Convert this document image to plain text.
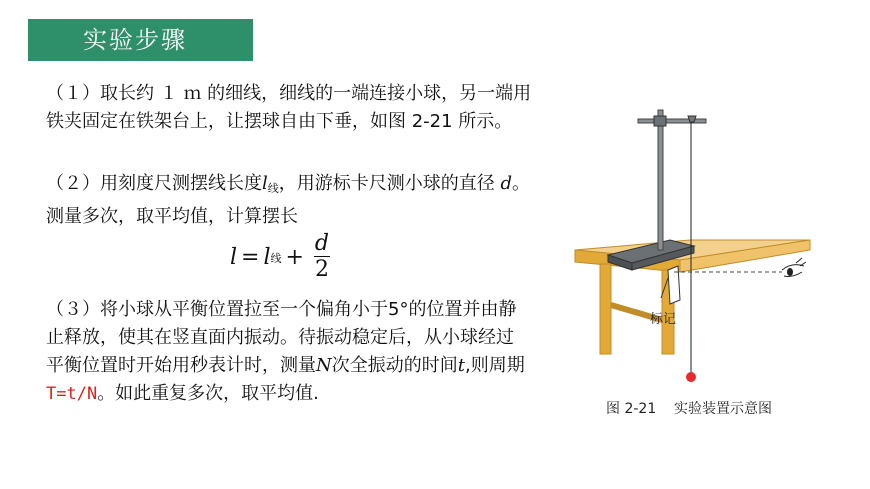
实验步骤
（１）取长约 １ ｍ 的细线，细线的一端连接小球，另一端用铁夹固定在铁架台上，让摆球自由下垂，如图 2-21 所示。
（２）用刻度尺测摆线长度$l_线$，用游标卡尺测小球的直径 d。测量多次，取平均值，计算摆长
l = l 线 + $\frac{d}{2}$
（３）将小球从平衡位置拉至一个偏角小于5°的位置并由静止释放，使其在竖直面内振动。待振动稳定后，从小球经过平衡位置时开始用秒表计时，测量N次全振动的时间t,则周期T=t/N。如此重复多次，取平均值.
标记
图 2-21    实验装置示意图
